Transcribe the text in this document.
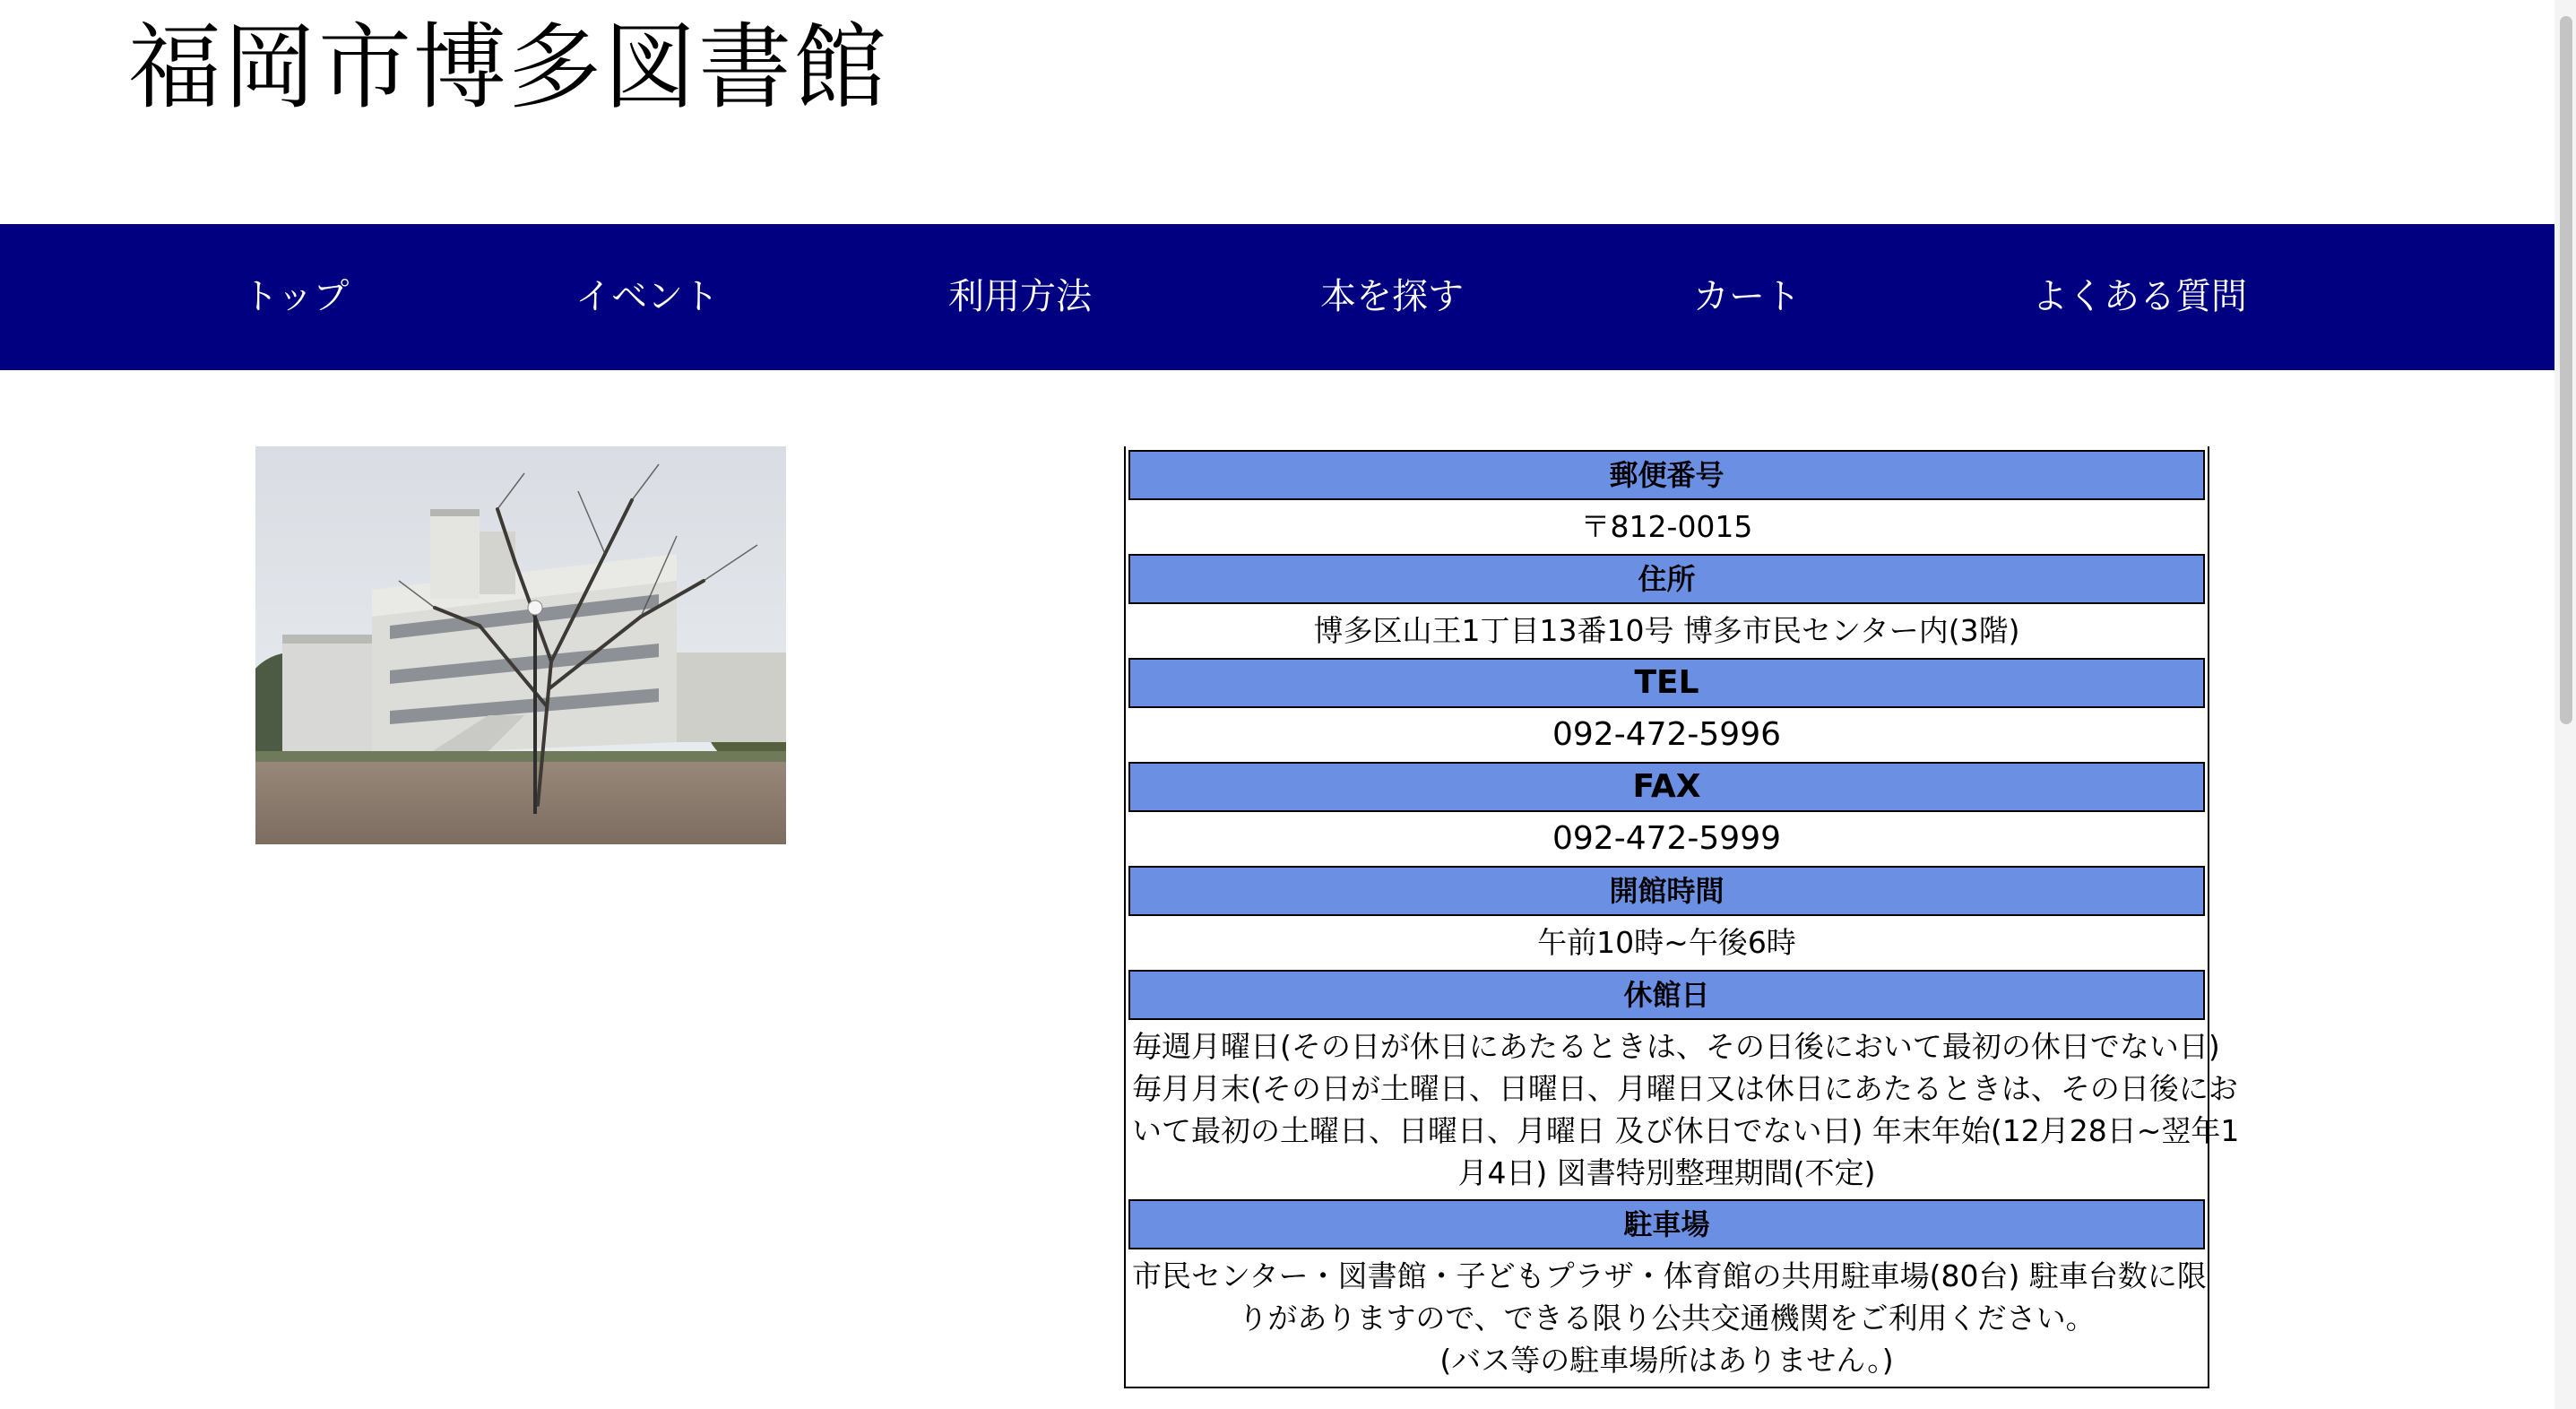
福岡市博多図書館
トップ	イベント	利用方法	本を探す	カート	よくある質問
郵便番号
〒812-0015
住所
博多区山王1丁目13番10号 博多市民センター内(3階)
TEL
092-472-5996
FAX
092-472-5999
開館時間
午前10時~午後6時
休館日
毎週月曜日(その日が休日にあたるときは、その日後において最初の休日でない日)
毎月月末(その日が土曜日、日曜日、月曜日又は休日にあたるときは、その日後にお
いて最初の土曜日、日曜日、月曜日 及び休日でない日) 年末年始(12月28日~翌年1
月4日) 図書特別整理期間(不定)
駐車場
市民センター・図書館・子どもプラザ・体育館の共用駐車場(80台) 駐車台数に限
りがありますので、できる限り公共交通機関をご利用ください。
(バス等の駐車場所はありません。)
